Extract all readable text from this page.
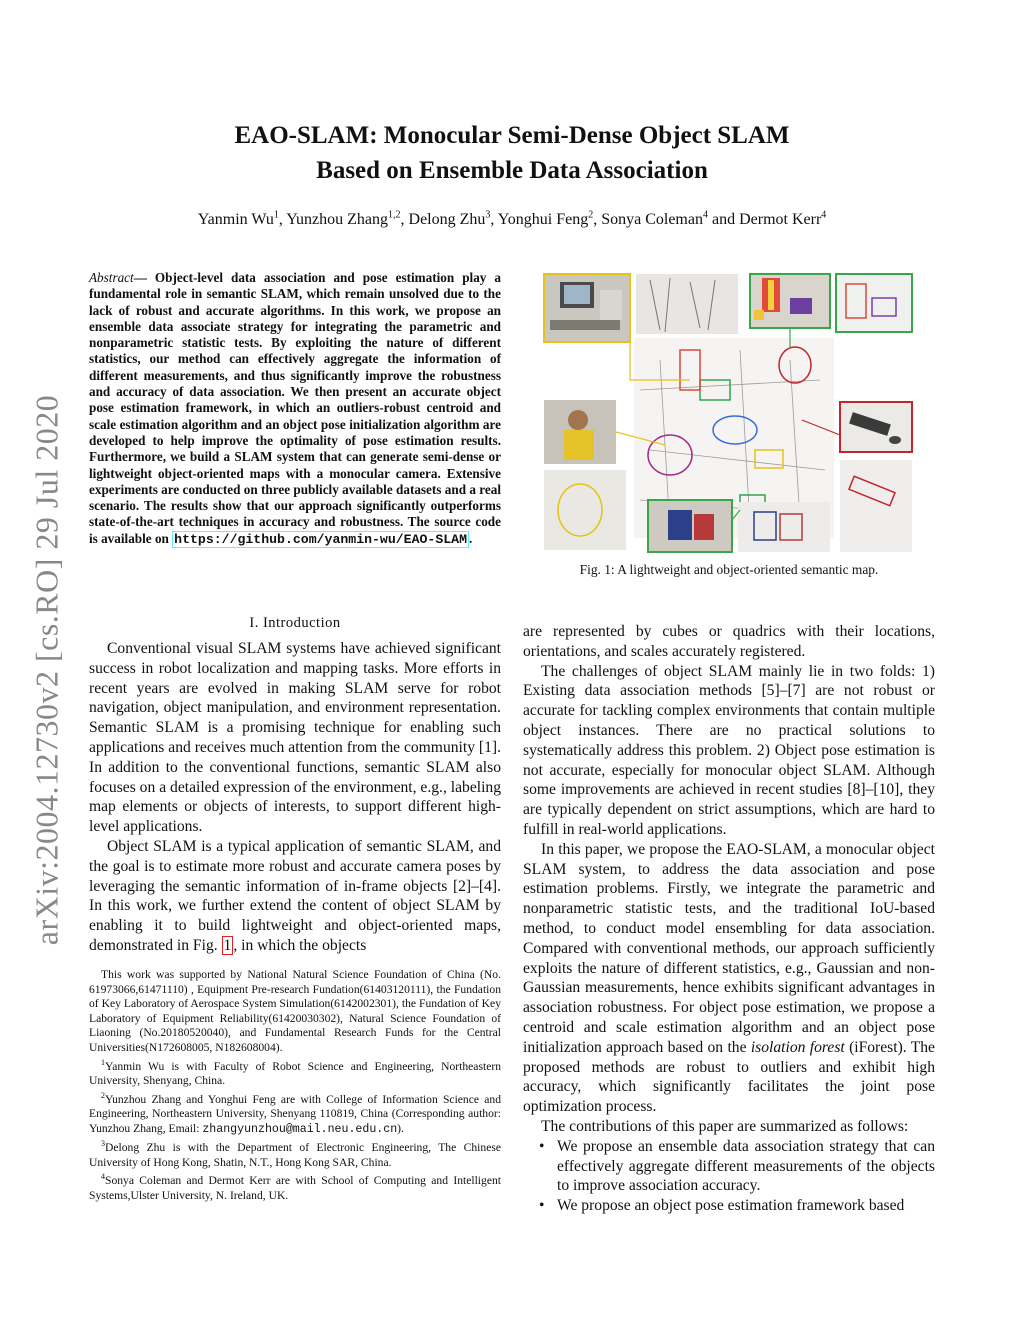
EAO-SLAM: Monocular Semi-Dense Object SLAM
Based on Ensemble Data Association
Yanmin Wu$^1$, Yunzhou Zhang$^{1,2}$, Delong Zhu$^3$, Yonghui Feng$^2$, Sonya Coleman$^4$ and Dermot Kerr$^4$
arXiv:2004.12730v2 [cs.RO] 29 Jul 2020
Abstract— Object-level data association and pose estimation play a fundamental role in semantic SLAM, which remain unsolved due to the lack of robust and accurate algorithms. In this work, we propose an ensemble data associate strategy for integrating the parametric and nonparametric statistic tests. By exploiting the nature of different statistics, our method can effectively aggregate the information of different measurements, and thus significantly improve the robustness and accuracy of data association. We then present an accurate object pose estimation framework, in which an outliers-robust centroid and scale estimation algorithm and an object pose initialization algorithm are developed to help improve the optimality of pose estimation results. Furthermore, we build a SLAM system that can generate semi-dense or lightweight object-oriented maps with a monocular camera. Extensive experiments are conducted on three publicly available datasets and a real scenario. The results show that our approach significantly outperforms state-of-the-art techniques in accuracy and robustness. The source code is available on https://github.com/yanmin-wu/EAO-SLAM .
I. Introduction

Conventional visual SLAM systems have achieved significant success in robot localization and mapping tasks. More efforts in recent years are evolved in making SLAM serve for robot navigation, object manipulation, and environment representation. Semantic SLAM is a promising technique for enabling such applications and receives much attention from the community [1]. In addition to the conventional functions, semantic SLAM also focuses on a detailed expression of the environment, e.g., labeling map elements or objects of interests, to support different high-level applications.

Object SLAM is a typical application of semantic SLAM, and the goal is to estimate more robust and accurate camera poses by leveraging the semantic information of in-frame objects [2]–[4]. In this work, we further extend the content of object SLAM by enabling it to build lightweight and object-oriented maps, demonstrated in Fig. 1 , in which the objects

This work was supported by National Natural Science Foundation of China (No. 61973066,61471110) , Equipment Pre-research Fundation(61403120111), the Fundation of Key Laboratory of Aerospace System Simulation(6142002301), the Fundation of Key Laboratory of Equipment Reliability(61420030302), Natural Science Foundation of Liaoning (No.20180520040), and Fundamental Research Funds for the Central Universities(N172608005, N182608004).

$^1$Yanmin Wu is with Faculty of Robot Science and Engineering, Northeastern University, Shenyang, China.

$^2$Yunzhou Zhang and Yonghui Feng are with College of Information Science and Engineering, Northeastern University, Shenyang 110819, China (Corresponding author: Yunzhou Zhang, Email: zhangyunzhou@mail.neu.edu.cn).

$^3$Delong Zhu is with the Department of Electronic Engineering, The Chinese University of Hong Kong, Shatin, N.T., Hong Kong SAR, China.

$^4$Sonya Coleman and Dermot Kerr are with School of Computing and Intelligent Systems,Ulster University, N. Ireland, UK.

Fig. 1: A lightweight and object-oriented semantic map.

are represented by cubes or quadrics with their locations, orientations, and scales accurately registered.

The challenges of object SLAM mainly lie in two folds: 1) Existing data association methods [5]–[7] are not robust or accurate for tackling complex environments that contain multiple object instances. There are no practical solutions to systematically address this problem. 2) Object pose estimation is not accurate, especially for monocular object SLAM. Although some improvements are achieved in recent studies [8]–[10], they are typically dependent on strict assumptions, which are hard to fulfill in real-world applications.

In this paper, we propose the EAO-SLAM, a monocular object SLAM system, to address the data association and pose estimation problems. Firstly, we integrate the parametric and nonparametric statistic tests, and the traditional IoU-based method, to conduct model ensembling for data association. Compared with conventional methods, our approach sufficiently exploits the nature of different statistics, e.g., Gaussian and non-Gaussian measurements, hence exhibits significant advantages in association robustness. For object pose estimation, we propose a centroid and scale estimation algorithm and an object pose initialization approach based on the isolation forest (iForest). The proposed methods are robust to outliers and exhibit high accuracy, which significantly facilitates the joint pose optimization process.

The contributions of this paper are summarized as follows:

• We propose an ensemble data association strategy that can effectively aggregate different measurements of the objects to improve association accuracy.
• We propose an object pose estimation framework based
